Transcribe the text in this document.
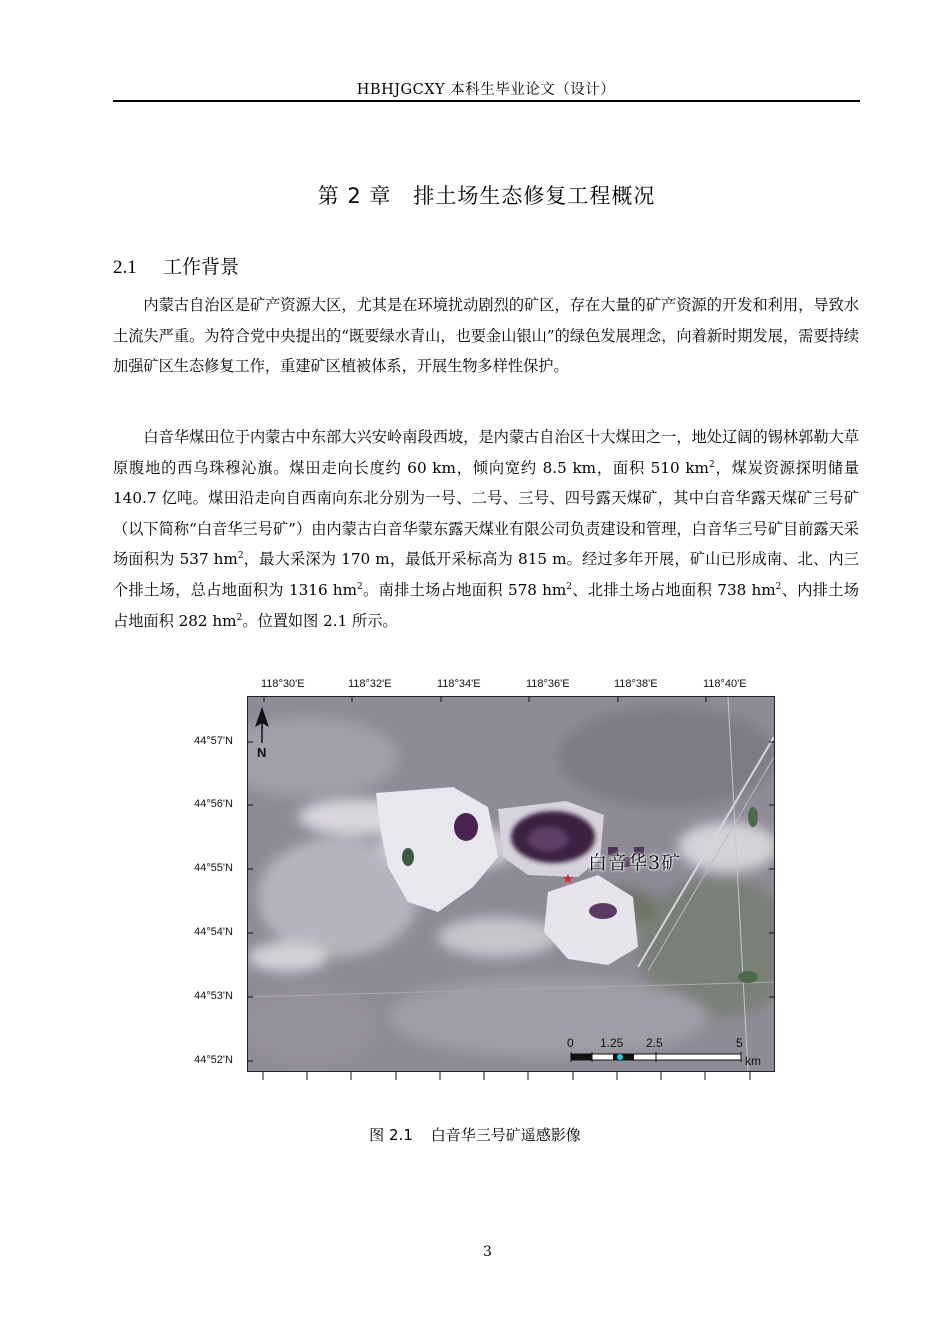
HBHJGCXY 本科生毕业论文（设计）
第 2 章 排土场生态修复工程概况
2.1 工作背景

内蒙古自治区是矿产资源大区，尤其是在环境扰动剧烈的矿区，存在大量的矿产资源的开发和利用，导致水土流失严重。为符合党中央提出的“既要绿水青山，也要金山银山”的绿色发展理念，向着新时期发展，需要持续加强矿区生态修复工作，重建矿区植被体系，开展生物多样性保护。

白音华煤田位于内蒙古中东部大兴安岭南段西坡，是内蒙古自治区十大煤田之一，地处辽阔的锡林郭勒大草原腹地的西乌珠穆沁旗。煤田走向长度约 60 km，倾向宽约 8.5 km，面积 510 $km^2$，煤炭资源探明储量 140.7 亿吨。煤田沿走向自西南向东北分别为一号、二号、三号、四号露天煤矿，其中白音华露天煤矿三号矿（以下简称“白音华三号矿”）由内蒙古白音华蒙东露天煤业有限公司负责建设和管理，白音华三号矿目前露天采场面积为 537 $hm^2$，最大采深为 170 m，最低开采标高为 815 m。经过多年开展，矿山已形成南、北、内三个排土场，总占地面积为 1316 $hm^2$。南排土场占地面积 578 $hm^2$、北排土场占地面积 738 $hm^2$、内排土场占地面积 282 $hm^2$。位置如图 2.1 所示。

118°30'E	118°32'E	118°34'E	118°36'E	118°38'E	118°40'E
44°57'N
44°56'N
44°55'N
44°54'N
44°53'N
44°52'N
N
★
0 1.25 2.5	5
km
白音华3矿
图 2.1 白音华三号矿遥感影像
3
